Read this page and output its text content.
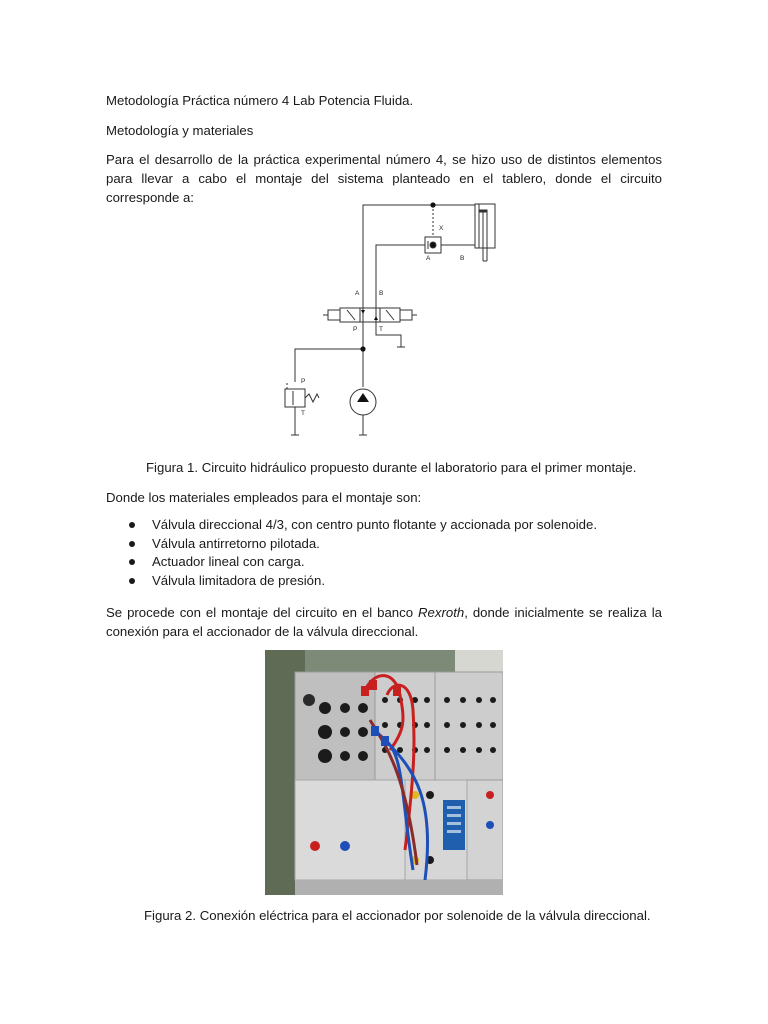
Metodología Práctica número 4 Lab Potencia Fluida.
Metodología y materiales
Para el desarrollo de la práctica experimental número 4, se hizo uso de distintos elementos para llevar a cabo el montaje del sistema planteado en el tablero, donde el circuito corresponde a:
A	B
P	T
X
A	B
P
T
Figura 1. Circuito hidráulico propuesto durante el laboratorio para el primer montaje.
Donde los materiales empleados para el montaje son:
Válvula direccional 4/3, con centro punto flotante y accionada por solenoide.
Válvula antirretorno pilotada.
Actuador lineal con carga.
Válvula limitadora de presión.
Se procede con el montaje del circuito en el banco Rexroth, donde inicialmente se realiza la conexión para el accionador de la válvula direccional.
Figura 2. Conexión eléctrica para el accionador por solenoide de la válvula direccional.
